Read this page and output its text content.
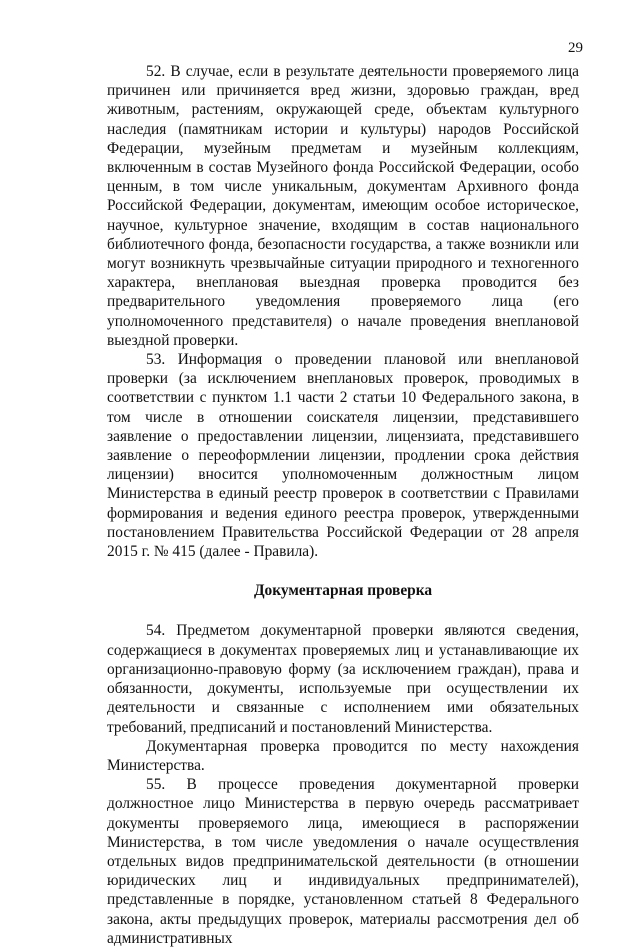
29

52. В случае, если в результате деятельности проверяемого лица причинен или причиняется вред жизни, здоровью граждан, вред животным, растениям, окружающей среде, объектам культурного наследия (памятникам истории и культуры) народов Российской Федерации, музейным предметам и музейным коллекциям, включенным в состав Музейного фонда Российской Федерации, особо ценным, в том числе уникальным, документам Архивного фонда Российской Федерации, документам, имеющим особое историческое, научное, культурное значение, входящим в состав национального библиотечного фонда, безопасности государства, а также возникли или могут возникнуть чрезвычайные ситуации природного и техногенного характера, внеплановая выездная проверка проводится без предварительного уведомления проверяемого лица (его уполномоченного представителя) о начале проведения внеплановой выездной проверки.

53. Информация о проведении плановой или внеплановой проверки (за исключением внеплановых проверок, проводимых в соответствии с пунктом 1.1 части 2 статьи 10 Федерального закона, в том числе в отношении соискателя лицензии, представившего заявление о предоставлении лицензии, лицензиата, представившего заявление о переоформлении лицензии, продлении срока действия лицензии) вносится уполномоченным должностным лицом Министерства в единый реестр проверок в соответствии с Правилами формирования и ведения единого реестра проверок, утвержденными постановлением Правительства Российской Федерации от 28 апреля 2015 г. № 415 (далее - Правила).

Документарная проверка

54. Предметом документарной проверки являются сведения, содержащиеся в документах проверяемых лиц и устанавливающие их организационно-правовую форму (за исключением граждан), права и обязанности, документы, используемые при осуществлении их деятельности и связанные с исполнением ими обязательных требований, предписаний и постановлений Министерства.

Документарная проверка проводится по месту нахождения Министерства.

55. В процессе проведения документарной проверки должностное лицо Министерства в первую очередь рассматривает документы проверяемого лица, имеющиеся в распоряжении Министерства, в том числе уведомления о начале осуществления отдельных видов предпринимательской деятельности (в отношении юридических лиц и индивидуальных предпринимателей), представленные в порядке, установленном статьей 8 Федерального закона, акты предыдущих проверок, материалы рассмотрения дел об административных
